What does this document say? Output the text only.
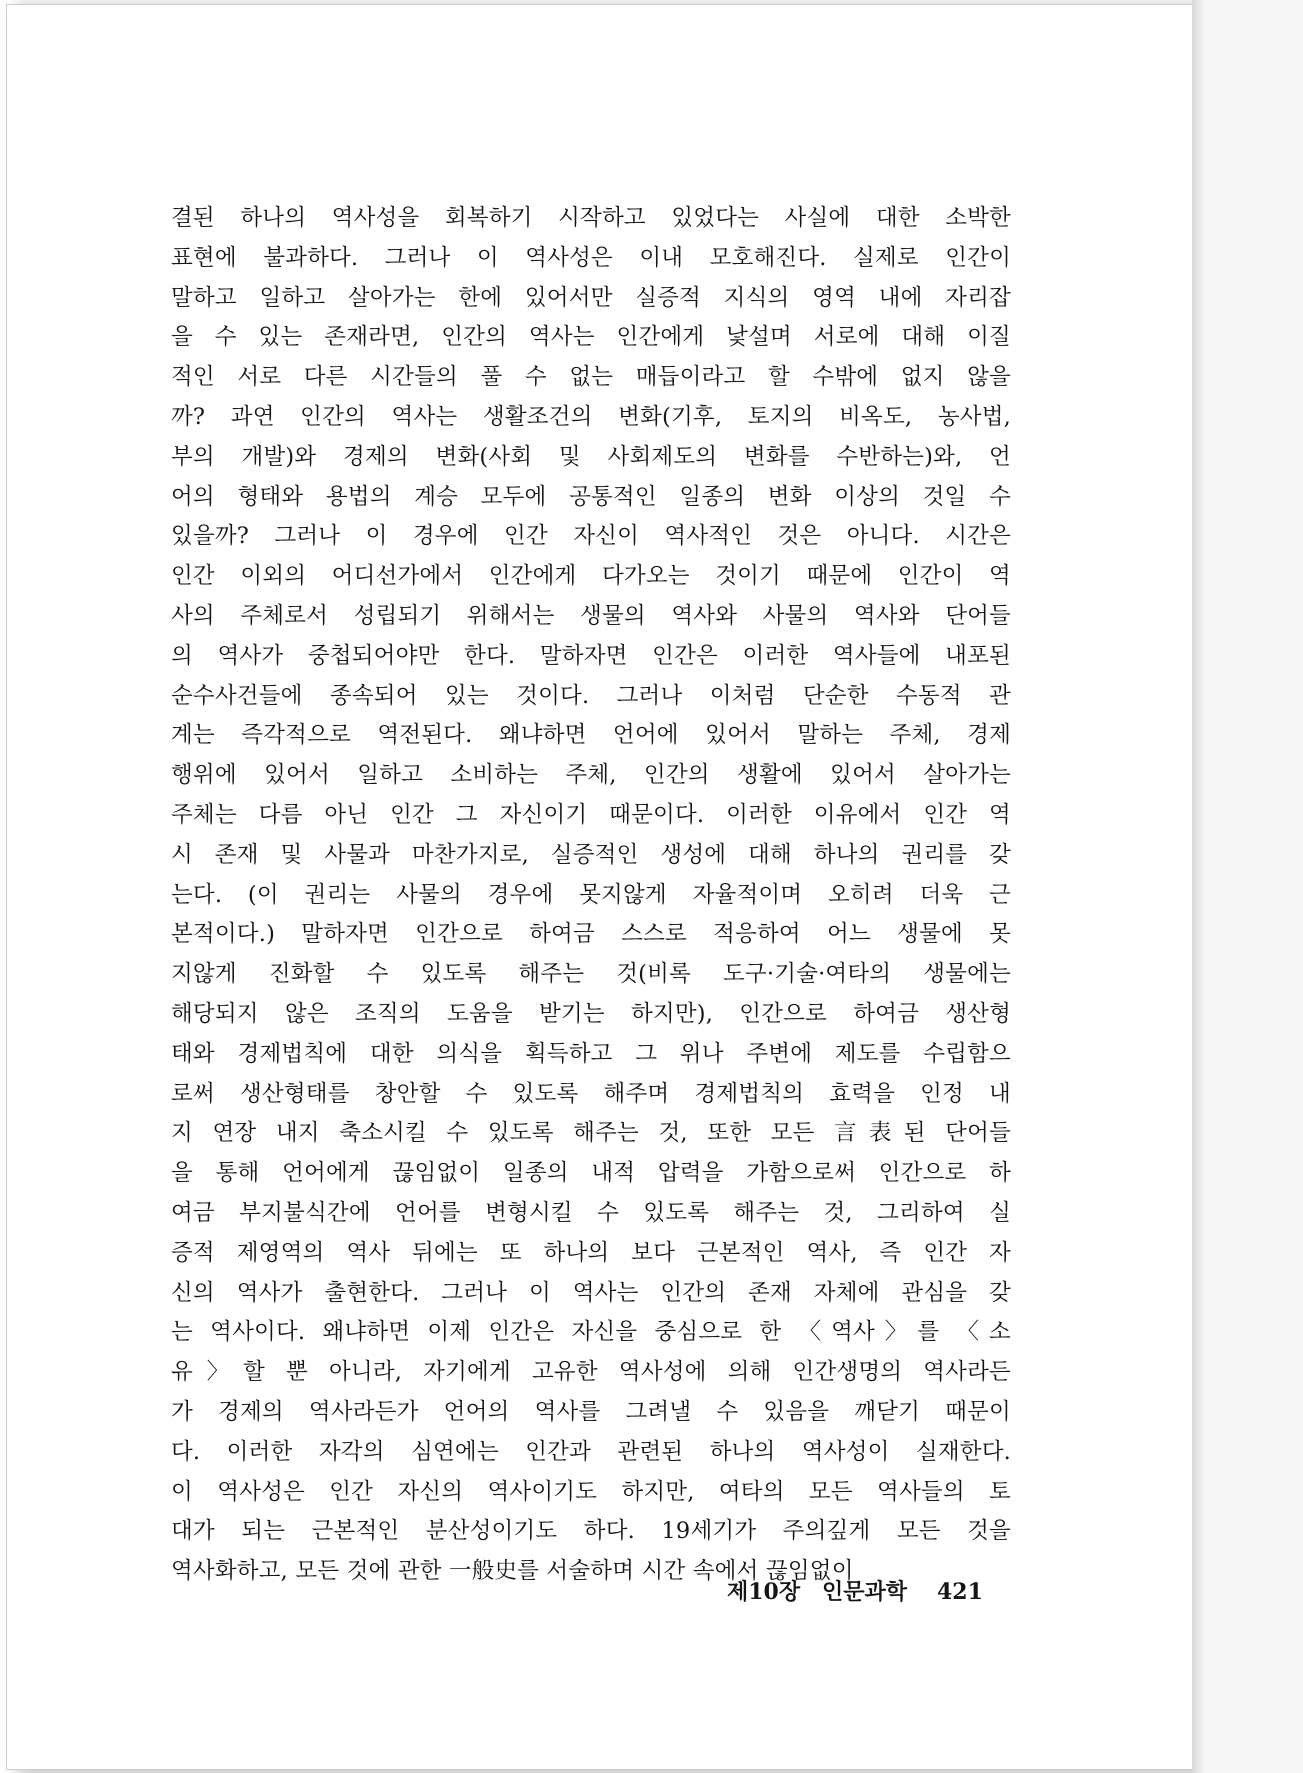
결된 하나의 역사성을 회복하기 시작하고 있었다는 사실에 대한 소박한
표현에 불과하다. 그러나 이 역사성은 이내 모호해진다. 실제로 인간이
말하고 일하고 살아가는 한에 있어서만 실증적 지식의 영역 내에 자리잡
을 수 있는 존재라면, 인간의 역사는 인간에게 낯설며 서로에 대해 이질
적인 서로 다른 시간들의 풀 수 없는 매듭이라고 할 수밖에 없지 않을
까? 과연 인간의 역사는 생활조건의 변화(기후, 토지의 비옥도, 농사법,
부의 개발)와 경제의 변화(사회 및 사회제도의 변화를 수반하는)와, 언
어의 형태와 용법의 계승 모두에 공통적인 일종의 변화 이상의 것일 수
있을까? 그러나 이 경우에 인간 자신이 역사적인 것은 아니다. 시간은
인간 이외의 어디선가에서 인간에게 다가오는 것이기 때문에 인간이 역
사의 주체로서 성립되기 위해서는 생물의 역사와 사물의 역사와 단어들
의 역사가 중첩되어야만 한다. 말하자면 인간은 이러한 역사들에 내포된
순수사건들에 종속되어 있는 것이다. 그러나 이처럼 단순한 수동적 관
계는 즉각적으로 역전된다. 왜냐하면 언어에 있어서 말하는 주체, 경제
행위에 있어서 일하고 소비하는 주체, 인간의 생활에 있어서 살아가는
주체는 다름 아닌 인간 그 자신이기 때문이다. 이러한 이유에서 인간 역
시 존재 및 사물과 마찬가지로, 실증적인 생성에 대해 하나의 권리를 갖
는다. (이 권리는 사물의 경우에 못지않게 자율적이며 오히려 더욱 근
본적이다.) 말하자면 인간으로 하여금 스스로 적응하여 어느 생물에 못
지않게 진화할 수 있도록 해주는 것(비록 도구·기술·여타의 생물에는
해당되지 않은 조직의 도움을 받기는 하지만), 인간으로 하여금 생산형
태와 경제법칙에 대한 의식을 획득하고 그 위나 주변에 제도를 수립함으
로써 생산형태를 창안할 수 있도록 해주며 경제법칙의 효력을 인정 내
지 연장 내지 축소시킬 수 있도록 해주는 것, 또한 모든 言表된 단어들
을 통해 언어에게 끊임없이 일종의 내적 압력을 가함으로써 인간으로 하
여금 부지불식간에 언어를 변형시킬 수 있도록 해주는 것, 그리하여 실
증적 제영역의 역사 뒤에는 또 하나의 보다 근본적인 역사, 즉 인간 자
신의 역사가 출현한다. 그러나 이 역사는 인간의 존재 자체에 관심을 갖
는 역사이다. 왜냐하면 이제 인간은 자신을 중심으로 한 〈역사〉를 〈소
유〉할 뿐 아니라, 자기에게 고유한 역사성에 의해 인간생명의 역사라든
가 경제의 역사라든가 언어의 역사를 그려낼 수 있음을 깨닫기 때문이
다. 이러한 자각의 심연에는 인간과 관련된 하나의 역사성이 실재한다.
이 역사성은 인간 자신의 역사이기도 하지만, 여타의 모든 역사들의 토
대가 되는 근본적인 분산성이기도 하다. 19세기가 주의깊게 모든 것을
역사화하고, 모든 것에 관한 一般史를 서술하며 시간 속에서 끊임없이

제10장 인문과학 421
